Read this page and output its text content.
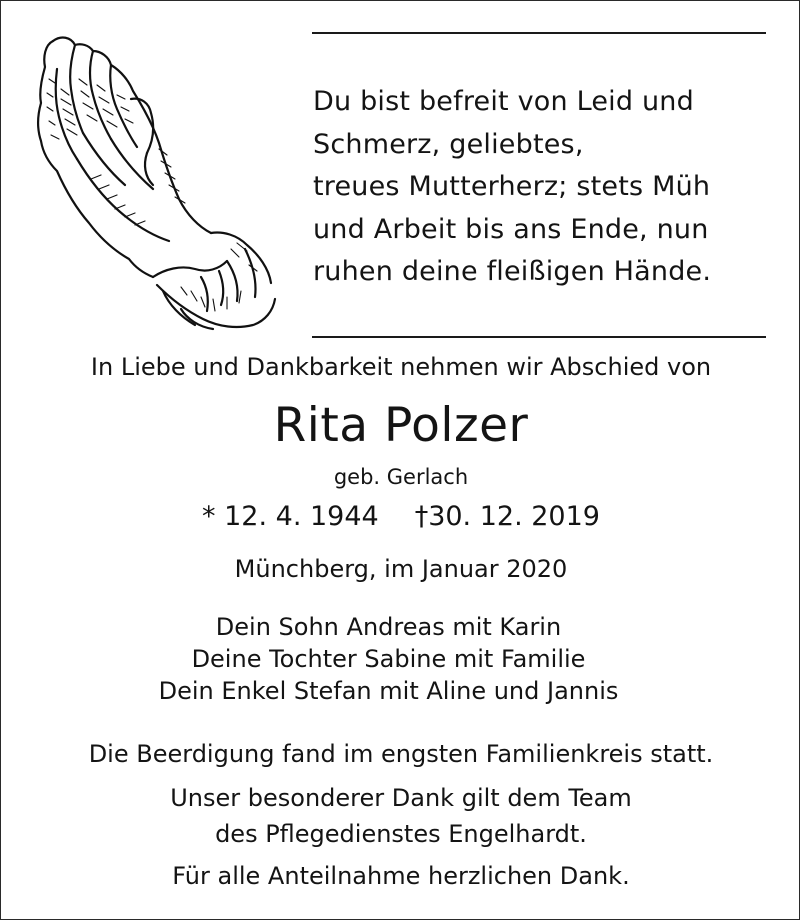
Du bist befreit von Leid und
Schmerz, geliebtes,
treues Mutterherz; stets Müh
und Arbeit bis ans Ende, nun
ruhen deine fleißigen Hände.
In Liebe und Dankbarkeit nehmen wir Abschied von
Rita Polzer
geb. Gerlach
* 12. 4. 1944 †30. 12. 2019
Münchberg, im Januar 2020
Dein Sohn Andreas mit Karin
Deine Tochter Sabine mit Familie
Dein Enkel Stefan mit Aline und Jannis
Die Beerdigung fand im engsten Familienkreis statt.
Unser besonderer Dank gilt dem Team
des Pflegedienstes Engelhardt.
Für alle Anteilnahme herzlichen Dank.
